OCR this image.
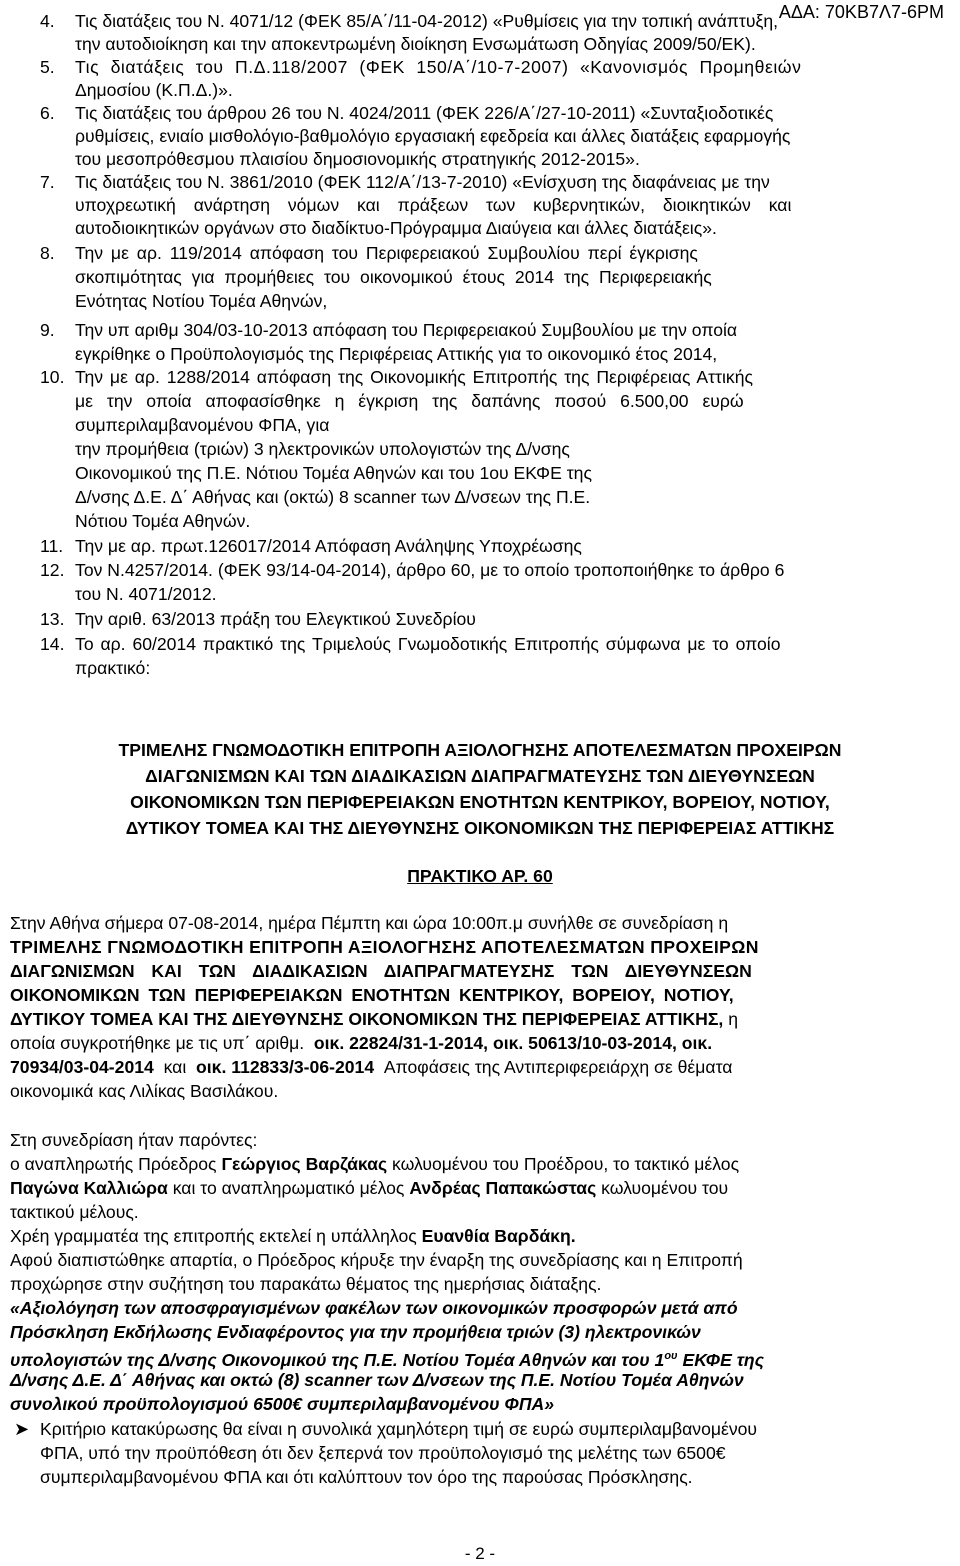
ΑΔΑ: 70ΚΒ7Λ7-6ΡΜ
4. Τις διατάξεις του Ν. 4071/12 (ΦΕΚ 85/Α΄/11-04-2012) «Ρυθμίσεις για την τοπική ανάπτυξη,
την αυτοδιοίκηση και την αποκεντρωμένη διοίκηση Ενσωμάτωση Οδηγίας 2009/50/ΕΚ).
5. Τις διατάξεις του Π.Δ.118/2007 (ΦΕΚ 150/Α΄/10-7-2007) «Κανονισμός Προμηθειών
Δημοσίου (Κ.Π.Δ.)».
6. Τις διατάξεις του άρθρου 26 του Ν. 4024/2011 (ΦΕΚ 226/Α΄/27-10-2011) «Συνταξιοδοτικές
ρυθμίσεις, ενιαίο μισθολόγιο-βαθμολόγιο εργασιακή εφεδρεία και άλλες διατάξεις εφαρμογής
του μεσοπρόθεσμου πλαισίου δημοσιονομικής στρατηγικής 2012-2015».
7. Τις διατάξεις του Ν. 3861/2010 (ΦΕΚ 112/Α΄/13-7-2010) «Ενίσχυση της διαφάνειας με την
υποχρεωτική ανάρτηση νόμων και πράξεων των κυβερνητικών, διοικητικών και
αυτοδιοικητικών οργάνων στο διαδίκτυο-Πρόγραμμα Διαύγεια και άλλες διατάξεις».
8. Την με αρ. 119/2014 απόφαση του Περιφερειακού Συμβουλίου περί έγκρισης
σκοπιμότητας για προμήθειες του οικονομικού έτους 2014 της Περιφερειακής
Ενότητας Νοτίου Τομέα Αθηνών,
9. Την υπ αριθμ 304/03-10-2013 απόφαση του Περιφερειακού Συμβουλίου με την οποία
εγκρίθηκε ο Προϋπολογισμός της Περιφέρειας Αττικής για το οικονομικό έτος 2014,
10. Την με αρ. 1288/2014 απόφαση της Οικονομικής Επιτροπής της Περιφέρειας Αττικής
με την οποία αποφασίσθηκε η έγκριση της δαπάνης ποσού 6.500,00 ευρώ
συμπεριλαμβανομένου ΦΠΑ, για
την προμήθεια (τριών) 3 ηλεκτρονικών υπολογιστών της Δ/νσης
Οικονομικού της Π.Ε. Νότιου Τομέα Αθηνών και του 1ου ΕΚΦΕ της
Δ/νσης Δ.Ε. Δ΄ Αθήνας και (οκτώ) 8 scanner των Δ/νσεων της Π.Ε.
Νότιου Τομέα Αθηνών.
11. Την με αρ. πρωτ.126017/2014 Απόφαση Ανάληψης Υποχρέωσης
12. Τον Ν.4257/2014. (ΦΕΚ 93/14-04-2014), άρθρο 60, με το οποίο τροποποιήθηκε το άρθρο 6
του Ν. 4071/2012.
13. Την αριθ. 63/2013 πράξη του Ελεγκτικού Συνεδρίου
14. Το αρ. 60/2014 πρακτικό της Τριμελούς Γνωμοδοτικής Επιτροπής σύμφωνα με το οποίο
πρακτικό:
ΤΡΙΜΕΛΗΣ ΓΝΩΜΟΔΟΤΙΚΗ ΕΠΙΤΡΟΠΗ ΑΞΙΟΛΟΓΗΣΗΣ ΑΠΟΤΕΛΕΣΜΑΤΩΝ ΠΡΟΧΕΙΡΩΝ
ΔΙΑΓΩΝΙΣΜΩΝ ΚΑΙ ΤΩΝ ΔΙΑΔΙΚΑΣΙΩΝ ΔΙΑΠΡΑΓΜΑΤΕΥΣΗΣ ΤΩΝ ΔΙΕΥΘΥΝΣΕΩΝ
ΟΙΚΟΝΟΜΙΚΩΝ ΤΩΝ ΠΕΡΙΦΕΡΕΙΑΚΩΝ ΕΝΟΤΗΤΩΝ ΚΕΝΤΡΙΚΟΥ, ΒΟΡΕΙΟΥ, ΝΟΤΙΟΥ,
ΔΥΤΙΚΟΥ ΤΟΜΕΑ ΚΑΙ ΤΗΣ ΔΙΕΥΘΥΝΣΗΣ ΟΙΚΟΝΟΜΙΚΩΝ ΤΗΣ ΠΕΡΙΦΕΡΕΙΑΣ ΑΤΤΙΚΗΣ
ΠΡΑΚΤΙΚΟ ΑΡ. 60
Στην Αθήνα σήμερα 07-08-2014, ημέρα Πέμπτη και ώρα 10:00π.μ συνήλθε σε συνεδρίαση η
ΤΡΙΜΕΛΗΣ ΓΝΩΜΟΔΟΤΙΚΗ ΕΠΙΤΡΟΠΗ ΑΞΙΟΛΟΓΗΣΗΣ ΑΠΟΤΕΛΕΣΜΑΤΩΝ ΠΡΟΧΕΙΡΩΝ
ΔΙΑΓΩΝΙΣΜΩΝ ΚΑΙ ΤΩΝ ΔΙΑΔΙΚΑΣΙΩΝ ΔΙΑΠΡΑΓΜΑΤΕΥΣΗΣ ΤΩΝ ΔΙΕΥΘΥΝΣΕΩΝ
ΟΙΚΟΝΟΜΙΚΩΝ ΤΩΝ ΠΕΡΙΦΕΡΕΙΑΚΩΝ ΕΝΟΤΗΤΩΝ ΚΕΝΤΡΙΚΟΥ, ΒΟΡΕΙΟΥ, ΝΟΤΙΟΥ,
ΔΥΤΙΚΟΥ ΤΟΜΕΑ ΚΑΙ ΤΗΣ ΔΙΕΥΘΥΝΣΗΣ ΟΙΚΟΝΟΜΙΚΩΝ ΤΗΣ ΠΕΡΙΦΕΡΕΙΑΣ ΑΤΤΙΚΗΣ, η
οποία συγκροτήθηκε με τις υπ΄ αριθμ. οικ. 22824/31-1-2014, οικ. 50613/10-03-2014, οικ.
70934/03-04-2014 και οικ. 112833/3-06-2014 Αποφάσεις της Αντιπεριφερειάρχη σε θέματα
οικονομικά κας Λιλίκας Βασιλάκου.
Στη συνεδρίαση ήταν παρόντες:
ο αναπληρωτής Πρόεδρος Γεώργιος Βαρζάκας κωλυομένου του Προέδρου, το τακτικό μέλος
Παγώνα Καλλιώρα και το αναπληρωματικό μέλος Ανδρέας Παπακώστας κωλυομένου του
τακτικού μέλους.
Χρέη γραμματέα της επιτροπής εκτελεί η υπάλληλος Ευανθία Βαρδάκη.
Αφού διαπιστώθηκε απαρτία, ο Πρόεδρος κήρυξε την έναρξη της συνεδρίασης και η Επιτροπή
προχώρησε στην συζήτηση του παρακάτω θέματος της ημερήσιας διάταξης.
«Αξιολόγηση των αποσφραγισμένων φακέλων των οικονομικών προσφορών μετά από
Πρόσκληση Εκδήλωσης Ενδιαφέροντος για την προμήθεια τριών (3) ηλεκτρονικών
υπολογιστών της Δ/νσης Οικονομικού της Π.Ε. Νοτίου Τομέα Αθηνών και του $1^{o\upsilon}$ ΕΚΦΕ της
Δ/νσης Δ.Ε. Δ΄ Αθήνας και οκτώ (8) scanner των Δ/νσεων της Π.Ε. Νοτίου Τομέα Αθηνών
συνολικού προϋπολογισμού 6500€ συμπεριλαμβανομένου ΦΠΑ»
➤ Κριτήριο κατακύρωσης θα είναι η συνολικά χαμηλότερη τιμή σε ευρώ συμπεριλαμβανομένου
ΦΠΑ, υπό την προϋπόθεση ότι δεν ξεπερνά τον προϋπολογισμό της μελέτης των 6500€
συμπεριλαμβανομένου ΦΠΑ και ότι καλύπτουν τον όρο της παρούσας Πρόσκλησης.
- 2 -
